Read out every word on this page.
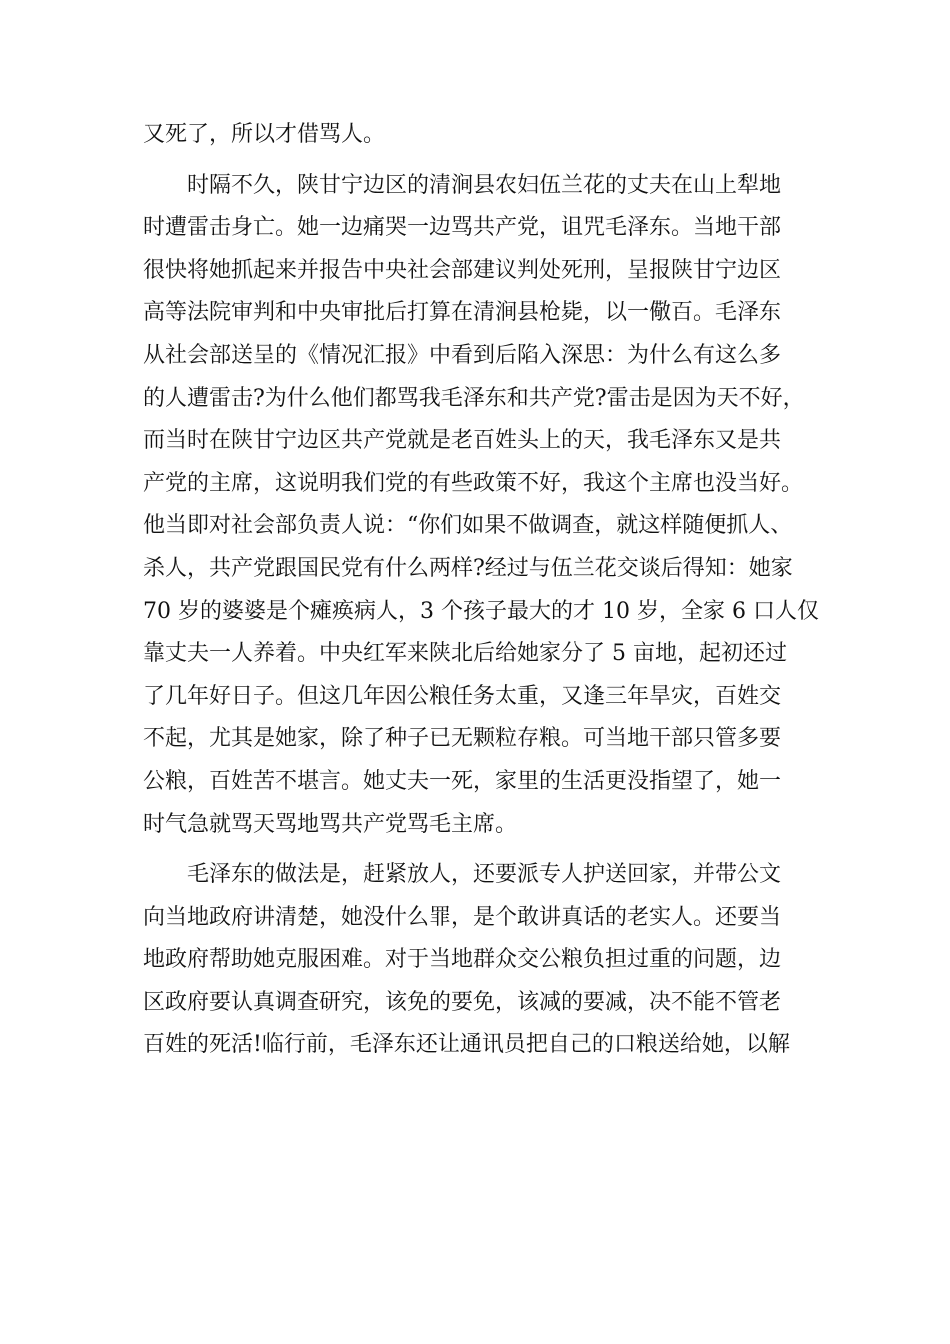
又死了，所以才借骂人。
时隔不久，陕甘宁边区的清涧县农妇伍兰花的丈夫在山上犁地
时遭雷击身亡。她一边痛哭一边骂共产党，诅咒毛泽东。当地干部
很快将她抓起来并报告中央社会部建议判处死刑，呈报陕甘宁边区
高等法院审判和中央审批后打算在清涧县枪毙，以一儆百。毛泽东
从社会部送呈的《情况汇报》中看到后陷入深思：为什么有这么多
的人遭雷击?为什么他们都骂我毛泽东和共产党?雷击是因为天不好，
而当时在陕甘宁边区共产党就是老百姓头上的天，我毛泽东又是共
产党的主席，这说明我们党的有些政策不好，我这个主席也没当好。
他当即对社会部负责人说：“你们如果不做调查，就这样随便抓人、
杀人，共产党跟国民党有什么两样?经过与伍兰花交谈后得知：她家
70 岁的婆婆是个瘫痪病人，3 个孩子最大的才 10 岁，全家 6 口人仅
靠丈夫一人养着。中央红军来陕北后给她家分了 5 亩地，起初还过
了几年好日子。但这几年因公粮任务太重，又逢三年旱灾，百姓交
不起，尤其是她家，除了种子已无颗粒存粮。可当地干部只管多要
公粮，百姓苦不堪言。她丈夫一死，家里的生活更没指望了，她一
时气急就骂天骂地骂共产党骂毛主席。
毛泽东的做法是，赶紧放人，还要派专人护送回家，并带公文
向当地政府讲清楚，她没什么罪，是个敢讲真话的老实人。还要当
地政府帮助她克服困难。对于当地群众交公粮负担过重的问题，边
区政府要认真调查研究，该免的要免，该减的要减，决不能不管老
百姓的死活!临行前，毛泽东还让通讯员把自己的口粮送给她，以解
